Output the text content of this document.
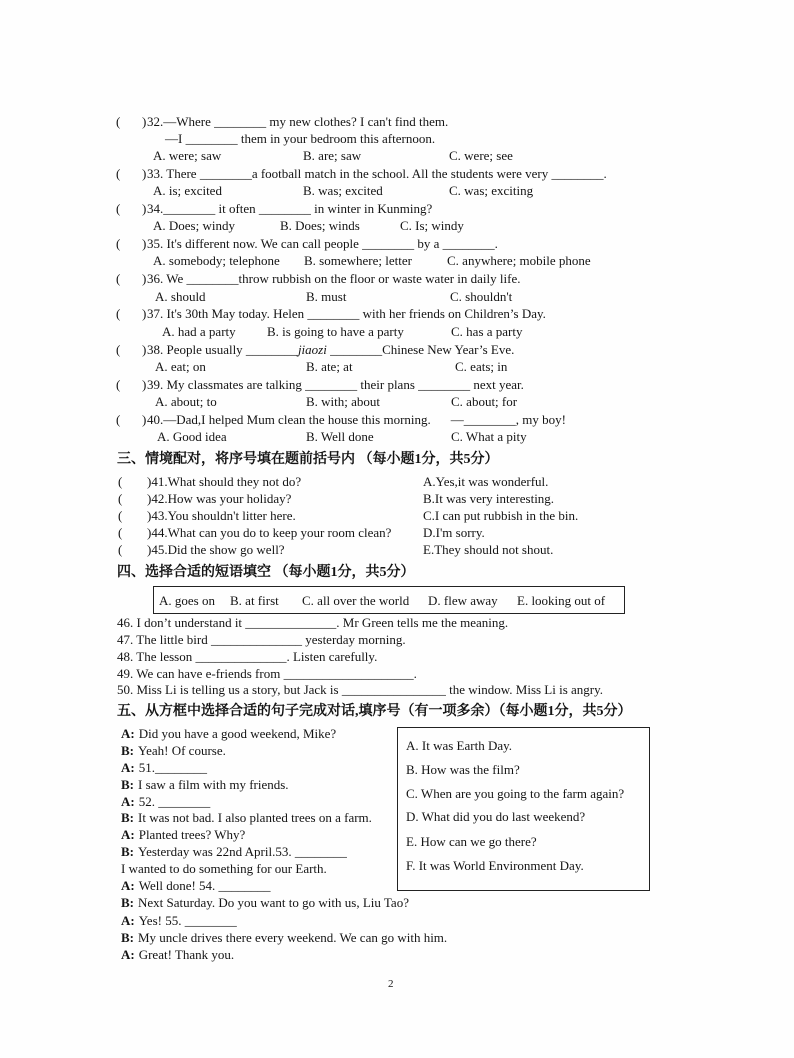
( )32.—Where ________ my new clothes? I can't find them.
—I ________ them in your bedroom this afternoon.
A. were; saw	B. are; saw	C. were; see
( )33. There ________a football match in the school. All the students were very ________.
A. is; excited	B. was; excited	C. was; exciting
( )34.________ it often ________ in winter in Kunming?
A. Does; windy	B. Does; winds	C. Is; windy
( )35. It's different now. We can call people ________ by a ________.
A. somebody; telephone B. somewhere; letter	C. anywhere; mobile phone
( )36. We ________throw rubbish on the floor or waste water in daily life.
A. should	B. must	C. shouldn't
( )37. It's 30th May today. Helen ________ with her friends on Children’s Day.
A. had a party B. is going to have a party	C. has a party
( )38. People usually ________jiaozi ________Chinese New Year’s Eve.
A. eat; on	B. ate; at	C. eats; in
( )39. My classmates are talking ________ their plans ________ next year.
A. about; to	B. with; about	C. about; for
( )40.—Dad,I helped Mum clean the house this morning. —________, my boy!
A. Good idea	B. Well done	C. What a pity
三、情境配对，将序号填在题前括号内 （每小题1分，共5分）
( )41.What should they not do?	A.Yes,it was wonderful.
( )42.How was your holiday?	B.It was very interesting.
( )43.You shouldn't litter here.	C.I can put rubbish in the bin.
( )44.What can you do to keep your room clean? D.I'm sorry.
( )45.Did the show go well?	E.They should not shout.
四、选择合适的短语填空 （每小题1分，共5分）
A. goes on B. at first C. all over the world D. flew away E. looking out of
46. I don’t understand it ______________. Mr Green tells me the meaning.
47. The little bird ______________ yesterday morning.
48. The lesson ______________. Listen carefully.
49. We can have e-friends from ____________________.
50. Miss Li is telling us a story, but Jack is ________________ the window. Miss Li is angry.
五、从方框中选择合适的句子完成对话,填序号（有一项多余）（每小题1分，共5分）
A: Did you have a good weekend, Mike?
B: Yeah! Of course.
A: 51.________
B: I saw a film with my friends.
A: 52. ________
B: It was not bad. I also planted trees on a farm.
A: Planted trees? Why?
B: Yesterday was 22nd April.53. ________
I wanted to do something for our Earth.
A: Well done! 54. ________
B: Next Saturday. Do you want to go with us, Liu Tao?
A: Yes! 55. ________
B: My uncle drives there every weekend. We can go with him.
A: Great! Thank you.
A. It was Earth Day.
B. How was the film?
C. When are you going to the farm again?
D. What did you do last weekend?
E. How can we go there?
F. It was World Environment Day.
2
